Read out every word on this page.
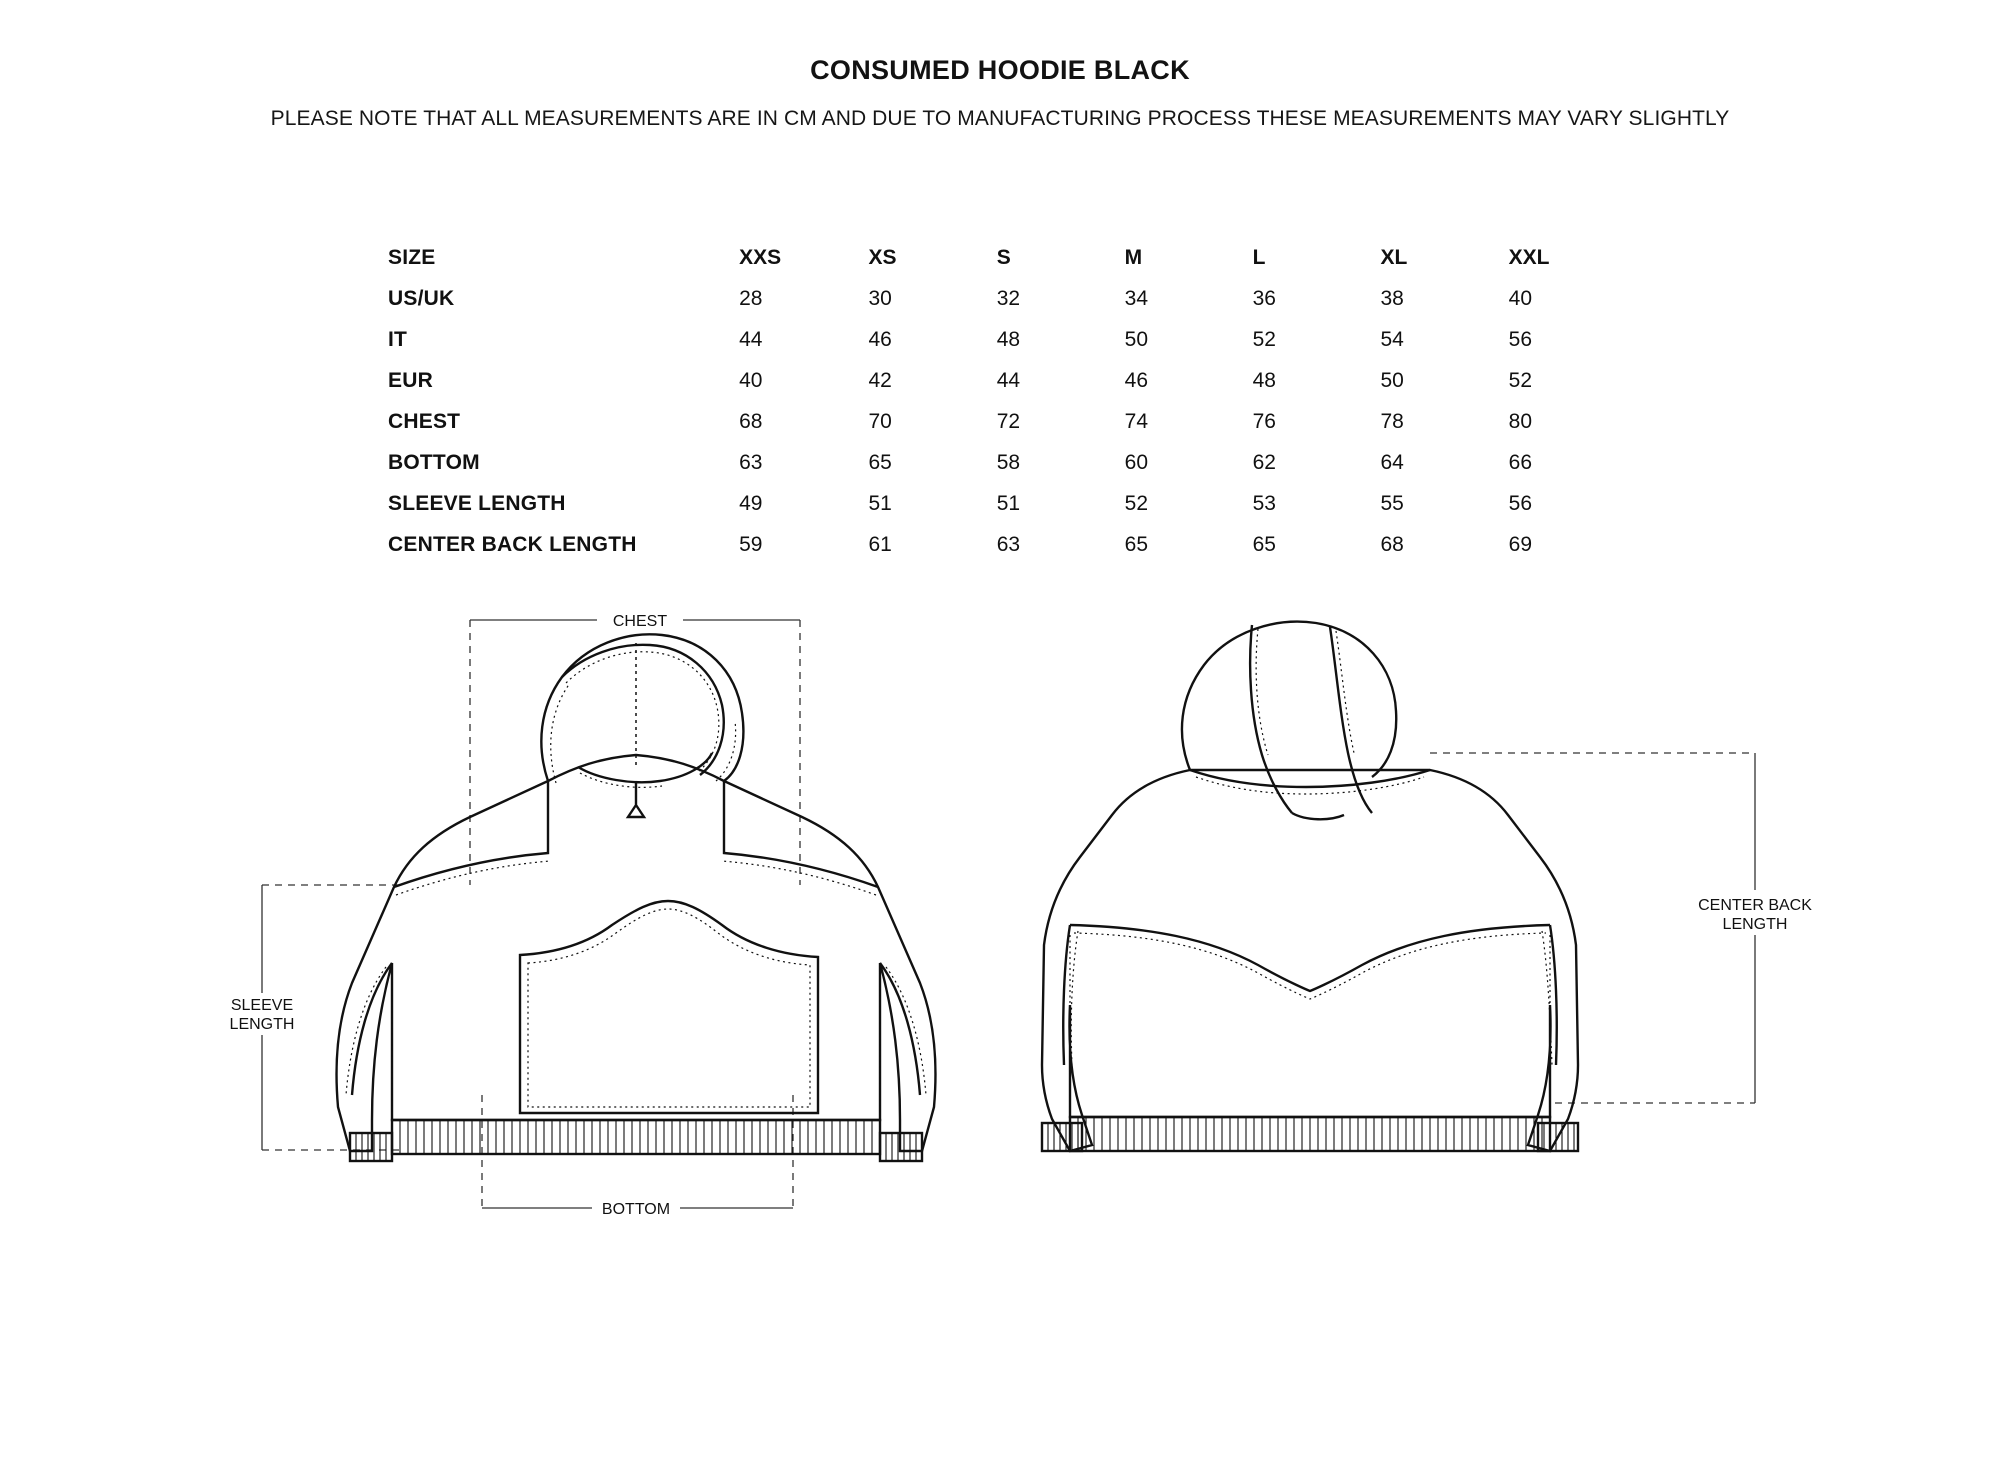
CONSUMED HOODIE BLACK
PLEASE NOTE THAT ALL MEASUREMENTS ARE IN CM AND DUE TO MANUFACTURING PROCESS THESE MEASUREMENTS MAY VARY SLIGHTLY
SIZE	XXS	XS	S	M	L	XL	XXL
US/UK	28	30	32	34	36	38	40
IT	44	46	48	50	52	54	56
EUR	40	42	44	46	48	50	52
CHEST	68	70	72	74	76	78	80
BOTTOM	63	65	58	60	62	64	66
SLEEVE LENGTH	49	51	51	52	53	55	56
CENTER BACK LENGTH	59	61	63	65	65	68	69
CHEST
SLEEVE
LENGTH
BOTTOM
CENTER BACK
LENGTH
